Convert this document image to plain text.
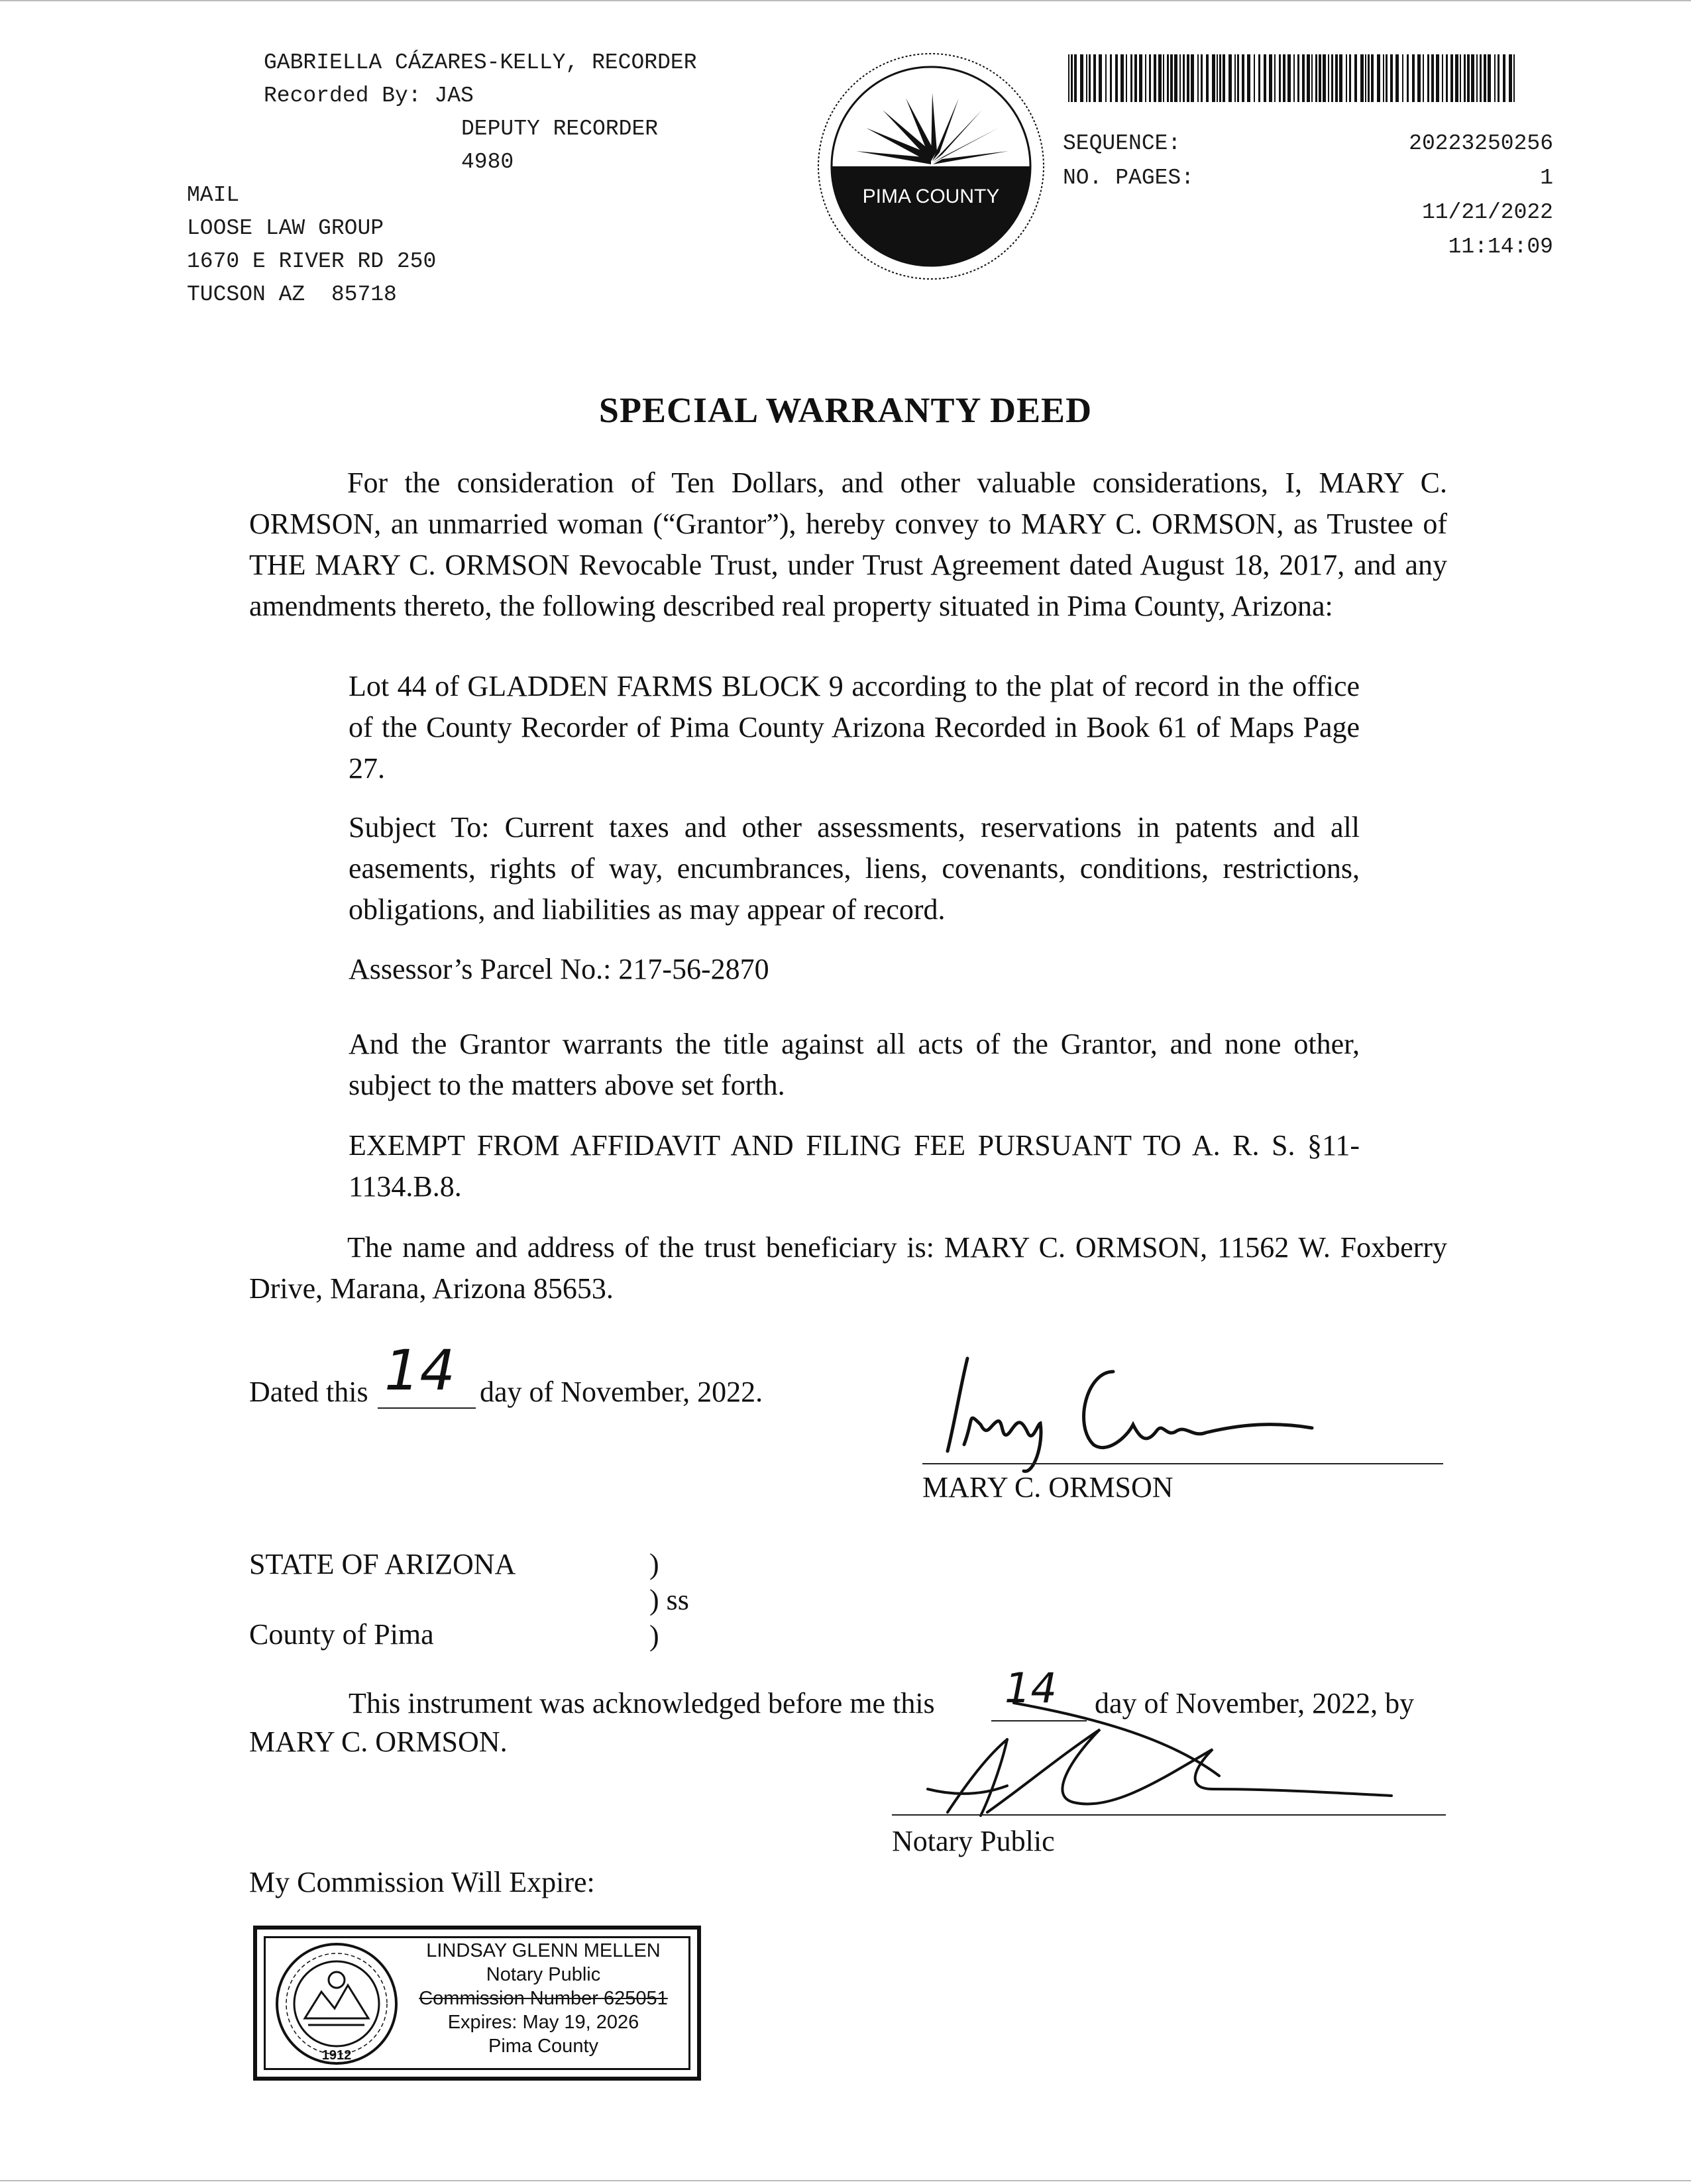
GABRIELLA CÁZARES-KELLY, RECORDER
Recorded By: JAS
DEPUTY RECORDER
4980
MAIL
LOOSE LAW GROUP
1670 E RIVER RD 250
TUCSON AZ  85718
PIMA COUNTY
SEQUENCE:
NO. PAGES:
20223250256
1
11/21/2022
11:14:09
SPECIAL WARRANTY DEED
For the consideration of Ten Dollars, and other valuable considerations, I, MARY C. ORMSON, an unmarried woman (“Grantor”), hereby convey to MARY C. ORMSON, as Trustee of THE MARY C. ORMSON Revocable Trust, under Trust Agreement dated August 18, 2017, and any amendments thereto, the following described real property situated in Pima County, Arizona:
Lot 44 of GLADDEN FARMS BLOCK 9 according to the plat of record in the office of the County Recorder of Pima County Arizona Recorded in Book 61 of Maps Page 27.
Subject To: Current taxes and other assessments, reservations in patents and all easements, rights of way, encumbrances, liens, covenants, conditions, restrictions, obligations, and liabilities as may appear of record.
Assessor’s Parcel No.: 217-56-2870
And the Grantor warrants the title against all acts of the Grantor, and none other, subject to the matters above set forth.
EXEMPT FROM AFFIDAVIT AND FILING FEE PURSUANT TO A. R. S. §11-1134.B.8.
The name and address of the trust beneficiary is: MARY C. ORMSON, 11562 W. Foxberry Drive, Marana, Arizona 85653.
Dated this 14 day of November, 2022.
MARY C. ORMSON
STATE OF ARIZONA	)
) ss
)
County of Pima
This instrument was acknowledged before me this 14 day of November, 2022, by
MARY C. ORMSON.
Notary Public
My Commission Will Expire:
1912
LINDSAY GLENN MELLEN
Notary Public
Commission Number 625051
Expires: May 19, 2026
Pima County
